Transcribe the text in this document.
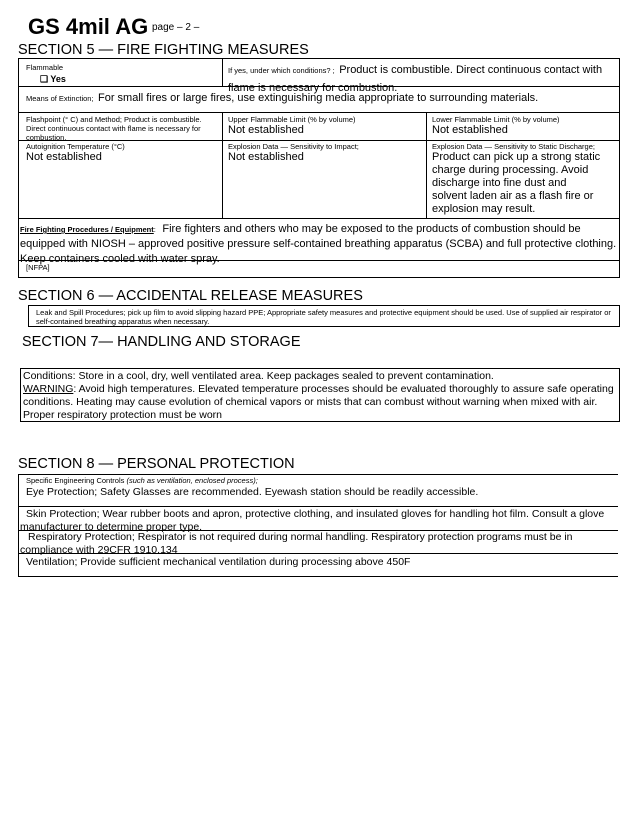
GS 4mil AG page – 2 –
SECTION 5 — FIRE FIGHTING MEASURES
Flammable
❏ Yes
If yes, under which conditions? ; Product is combustible. Direct continuous contact with flame is necessary for combustion.
Means of Extinction; For small fires or large fires, use extinguishing media appropriate to surrounding materials.
Flashpoint (° C) and Method; Product is combustible. Direct continuous contact with flame is necessary for combustion.
Upper Flammable Limit (% by volume)
Not established
Lower Flammable Limit (% by volume)
Not established
Autoignition Temperature (°C)
Not established
Explosion Data — Sensitivity to Impact;
Not established
Explosion Data — Sensitivity to Static Discharge;
Product can pick up a strong static charge during processing. Avoid discharge into fine dust and solvent laden air as a flash fire or explosion may result.
Fire Fighting Procedures / Equipment:  Fire fighters and others who may be exposed to the products of combustion should be equipped with NIOSH – approved positive pressure self-contained breathing apparatus (SCBA) and full protective clothing. Keep containers cooled with water spray.
[NFPA]
SECTION 6 — ACCIDENTAL RELEASE MEASURES
Leak and Spill Procedures; pick up film to avoid slipping hazard PPE; Appropriate safety measures and protective equipment should be used. Use of supplied air respirator or self-contained breathing apparatus when necessary.
SECTION 7— HANDLING AND STORAGE
Conditions: Store in a cool, dry, well ventilated area. Keep packages sealed to prevent contamination.
WARNING: Avoid high temperatures. Elevated temperature processes should be evaluated thoroughly to assure safe operating conditions. Heating may cause evolution of chemical vapors or mists that can combust without warning when mixed with air. Proper respiratory protection must be worn
SECTION 8 — PERSONAL PROTECTION
Specific Engineering Controls (such as ventilation, enclosed process);
Eye Protection; Safety Glasses are recommended. Eyewash station should be readily accessible.
Skin Protection; Wear rubber boots and apron, protective clothing, and insulated gloves for handling hot film. Consult a glove manufacturer to determine proper type.
Respiratory Protection; Respirator is not required during normal handling. Respiratory protection programs must be in compliance with 29CFR 1910.134
Ventilation; Provide sufficient mechanical ventilation during processing above 450F
